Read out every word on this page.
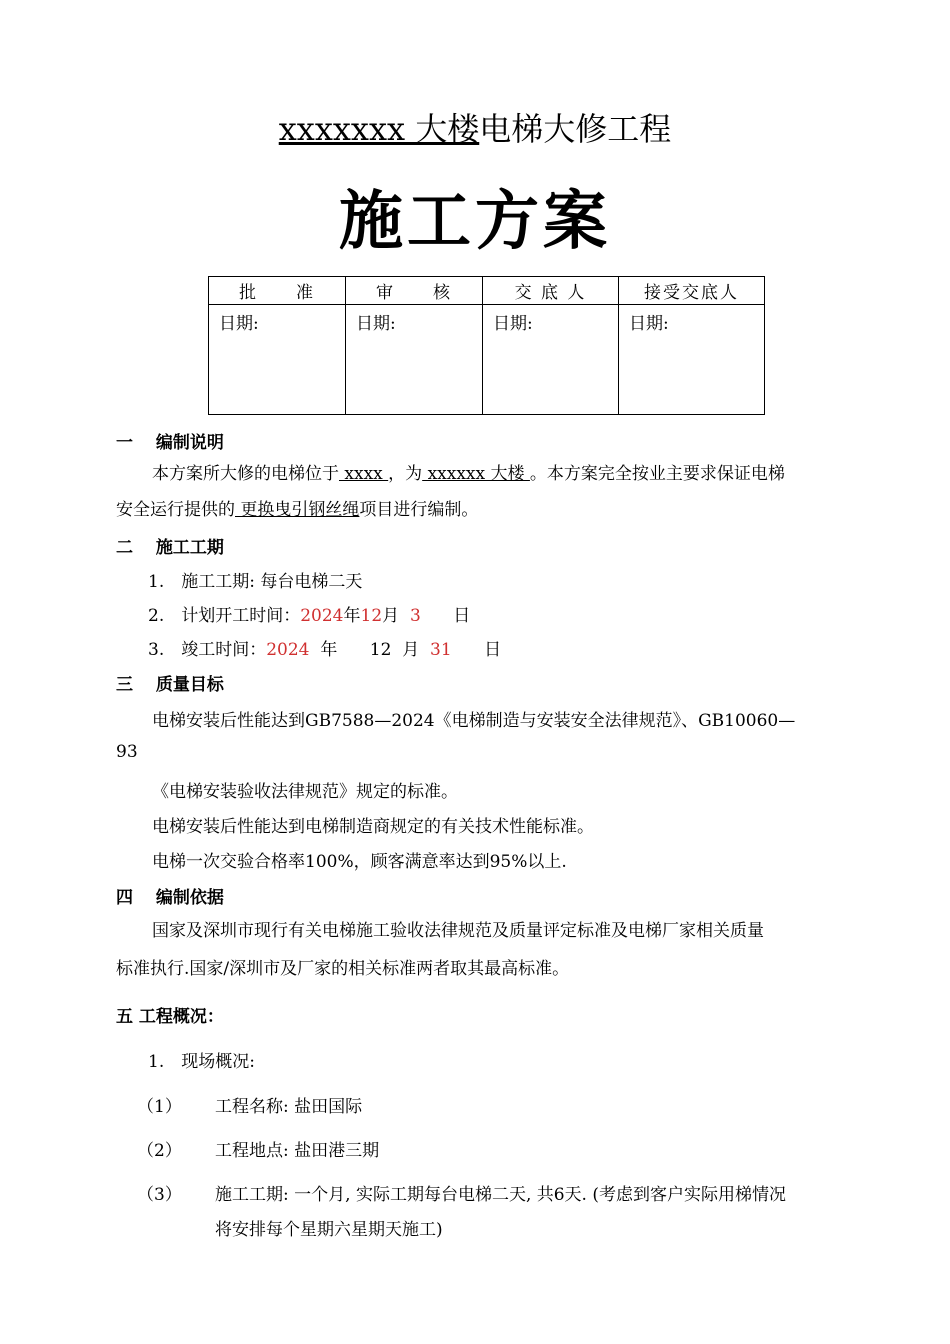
xxxxxxx 大楼电梯大修工程
施工方案
批　　准	审　　核	交 底 人	接受交底人
日期:	日期:	日期:	日期:
一　 编制说明
本方案所大修的电梯位于 xxxx ，为 xxxxxx 大楼 。本方案完全按业主要求保证电梯
安全运行提供的 更换曳引钢丝绳项目进行编制。
二　 施工工期
1.　施工工期: 每台电梯二天
2.　计划开工时间：2024年12月 3 日
3.　竣工时间：2024 年 12 月 31 日
三　 质量目标
电梯安装后性能达到GB7588—2024《电梯制造与安装安全法律规范》、GB10060—
93
《电梯安装验收法律规范》规定的标准。
电梯安装后性能达到电梯制造商规定的有关技术性能标准。
电梯一次交验合格率100%，顾客满意率达到95%以上.
四　 编制依据
国家及深圳市现行有关电梯施工验收法律规范及质量评定标准及电梯厂家相关质量
标准执行.国家/深圳市及厂家的相关标准两者取其最高标准。
五 工程概况：
1.　现场概况:
（1） 工程名称: 盐田国际
（2） 工程地点: 盐田港三期
（3） 施工工期: 一个月, 实际工期每台电梯二天, 共6天. (考虑到客户实际用梯情况
将安排每个星期六星期天施工)
